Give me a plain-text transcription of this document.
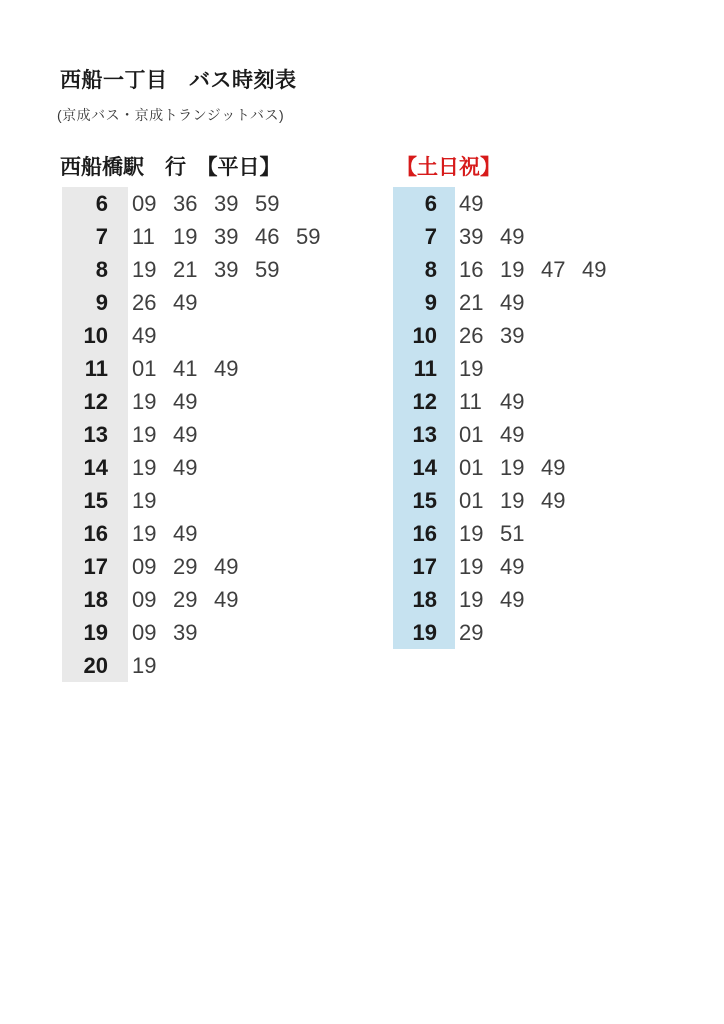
西船一丁目　バス時刻表
(京成バス・京成トランジットバス)
西船橋駅　行　【平日】
6	09 36 39 59
7	11 19 39 46 59
8	19 21 39 59
9	26 49
10	49
11	01 41 49
12	19 49
13	19 49
14	19 49
15	19
16	19 49
17	09 29 49
18	09 29 49
19	09 39
20	19
【土日祝】
6	49
7	39 49
8	16 19 47 49
9	21 49
10	26 39
11	19
12	11 49
13	01 49
14	01 19 49
15	01 19 49
16	19 51
17	19 49
18	19 49
19	29
